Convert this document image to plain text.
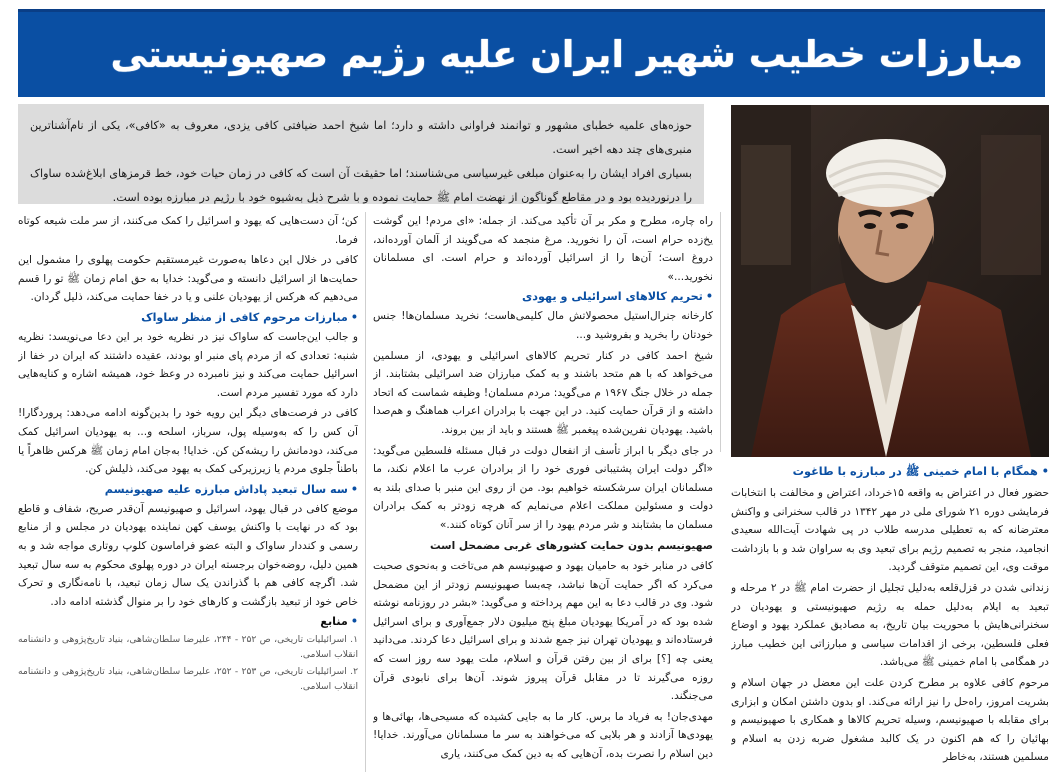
مبارزات خطیب شهیر ایران علیه رژیم صهیونیستی

حوزه‌های علمیه خطبای مشهور و توانمند فراوانی داشته و دارد؛ اما شیخ احمد ضیافتی کافی یزدی، معروف به «کافی»، یکی از نام‌آشناترین منبری‌های چند دهه اخیر است.

بسیاری افراد ایشان را به‌عنوان مبلغی غیرسیاسی می‌شناسند؛ اما حقیقت آن است که کافی در زمان حیات خود، خط قرمزهای ابلاغ‌شده ساواک را درنوردیده بود و در مقاطع گوناگون از نهضت امام ﷺ حمایت نموده و با شرح ذیل به‌شیوه خود با رژیم در مبارزه بوده است.

• همگام با امام خمینی ﷺ در مبارزه با طاغوت

حضور فعال در اعتراض به واقعه ۱۵خرداد، اعتراض و مخالفت با انتخابات فرمایشی دوره ۲۱ شورای ملی در مهر ۱۳۴۲ در قالب سخنرانی و واکنش معترضانه که به تعطیلی مدرسه طلاب در پی شهادت آیت‌الله سعیدی انجامید، منجر به تصمیم رژیم برای تبعید وی به سراوان شد و با بازداشت موقت وی، این تصمیم متوقف گردید.

زندانی شدن در قزل‌قلعه به‌دلیل تجلیل از حضرت امام ﷺ در ۲ مرحله و تبعید به ایلام به‌دلیل حمله به رژیم صهیونیستی و یهودیان در سخنرانی‌هایش با محوریت بیان تاریخ، به مصادیق عملکرد یهود و اوضاع فعلی فلسطین، برخی از اقدامات سیاسی و مبارزاتی این خطیب مبارز در همگامی با امام خمینی ﷺ می‌باشد.

مرحوم کافی علاوه بر مطرح کردن علت این معضل در جهان اسلام و بشریت امروز، راه‌حل را نیز ارائه می‌کند. او بدون داشتن امکان و ابزاری برای مقابله با صهیونیسم، وسیله تحریم کالاها و همکاری با صهیونیسم و بهائیان را که هم اکنون در یک کالبد مشغول ضربه زدن به اسلام و مسلمین هستند، به‌خاطر

راه چاره، مطرح و مکر بر آن تأکید می‌کند. از جمله: «ای مردم! این گوشت یخ‌زده حرام است، آن را نخورید. مرغ منجمد که می‌گویند از آلمان آورده‌اند، دروغ است؛ آن‌ها را از اسرائیل آورده‌اند و حرام است. ای مسلمانان نخورید...»

•تحریم کالاهای اسرائیلی و یهودی

کارخانه جنرال‌استیل محصولاتش مال کلیمی‌هاست؛ نخرید مسلمان‌ها! جنس خودتان را بخرید و بفروشید و...

شیخ احمد کافی در کنار تحریم کالاهای اسرائیلی و یهودی، از مسلمین می‌خواهد که با هم متحد باشند و به کمک مبارزان ضد اسرائیلی بشتابند. از جمله در خلال جنگ ۱۹۶۷ م می‌گوید: مردم مسلمان! وظیفه شماست که اتحاد داشته و از قرآن حمایت کنید. در این جهت با برادران اعراب هماهنگ و هم‌صدا باشید. یهودیان نفرین‌شده پیغمبر ﷺ هستند و باید از بین بروند.

در جای دیگر با ابراز تأسف از انفعال دولت در قبال مسئله فلسطین می‌گوید: «اگر دولت ایران پشتیبانی فوری خود را از برادران عرب ما اعلام نکند، ما مسلمانان ایران سرشکسته خواهیم بود. من از روی این منبر با صدای بلند به دولت و مسئولین مملکت اعلام می‌نمایم که هرچه زودتر به کمک برادران مسلمان ما بشتابند و شر مردم یهود را از سر آنان کوتاه کنند.»

صهیونیسم بدون حمایت کشورهای غربی مضمحل است

کافی در منابر خود به حامیان یهود و صهیونیسم هم می‌تاخت و به‌نحوی صحبت می‌کرد که اگر حمایت آن‌ها نباشد، چه‌بسا صهیونیسم زودتر از این مضمحل شود. وی در قالب دعا به این مهم پرداخته و می‌گوید: «بشر در روزنامه نوشته شده بود که در آمریکا یهودیان مبلغ پنج میلیون دلار جمع‌آوری و برای اسرائیل فرستاده‌اند و یهودیان تهران نیز جمع شدند و برای اسرائیل دعا کردند. می‌دانید یعنی چه [؟] برای از بین رفتن قرآن و اسلام، ملت یهود سه روز است که روزه می‌گیرند تا در مقابل قرآن پیروز شوند. آن‌ها برای نابودی قرآن می‌جنگند.

مهدی‌جان! به فریاد ما برس. کار ما به جایی کشیده که مسیحی‌ها، بهائی‌ها و یهودی‌ها آزادند و هر بلایی که می‌خواهند به سر ما مسلمانان می‌آورند. خدایا! دین اسلام را نصرت بده، آن‌هایی که به دین کمک می‌کنند، یاری

کن؛ آن دست‌هایی که یهود و اسرائیل را کمک می‌کنند، از سر ملت شیعه کوتاه فرما.

کافی در خلال این دعاها به‌صورت غیرمستقیم حکومت پهلوی را مشمول این حمایت‌ها از اسرائیل دانسته و می‌گوید: خدایا به حق امام زمان ﷺ تو را قسم می‌دهیم که هرکس از یهودیان علنی و یا در خفا حمایت می‌کند، ذلیل گردان.

•مبارزات مرحوم کافی از منظر ساواک

و جالب این‌جاست که ساواک نیز در نظریه خود بر این دعا می‌نویسد: نظریه شنبه: تعدادی که از مردم پای منبر او بودند، عقیده داشتند که ایران در خفا از اسرائیل حمایت می‌کند و نیز نامبرده در وعظ خود، همیشه اشاره و کنایه‌هایی دارد که مورد تفسیر مردم است.

کافی در فرصت‌های دیگر این رویه خود را بدین‌گونه ادامه می‌دهد: پروردگارا! آن کس را که به‌وسیله پول، سرباز، اسلحه و... به یهودیان اسرائیل کمک می‌کند، دودمانش را ریشه‌کن کن. خدایا! به‌جان امام زمان ﷺ هرکس ظاهراً یا باطناً جلوی مردم یا زیرزیرکی کمک به یهود می‌کند، ذلیلش کن.

•سه سال تبعید پاداش مبارزه علیه صهیونیسم

موضع کافی در قبال یهود، اسرائیل و صهیونیسم آن‌قدر صریح، شفاف و قاطع بود که در نهایت با واکنش یوسف کهن نماینده یهودیان در مجلس و از منابع رسمی و کنددار ساواک و البته عضو فراماسون کلوپ روتاری مواجه شد و به همین دلیل، روضه‌خوان برجسته ایران در دوره پهلوی محکوم به سه سال تبعید شد. اگرچه کافی هم با گذراندن یک سال زمان تبعید، با نامه‌نگاری و تحرک خاص خود از تبعید بازگشت و کارهای خود را بر منوال گذشته ادامه داد.

•منابع
۱. اسرائیلیات تاریخی، ص ۲۵۲ - ۲۴۴، علیرضا سلطان‌شاهی، بنیاد تاریخ‌پژوهی و دانشنامه انقلاب اسلامی.
۲. اسرائیلیات تاریخی، ص ۲۵۳ - ۲۵۲، علیرضا سلطان‌شاهی، بنیاد تاریخ‌پژوهی و دانشنامه انقلاب اسلامی.
